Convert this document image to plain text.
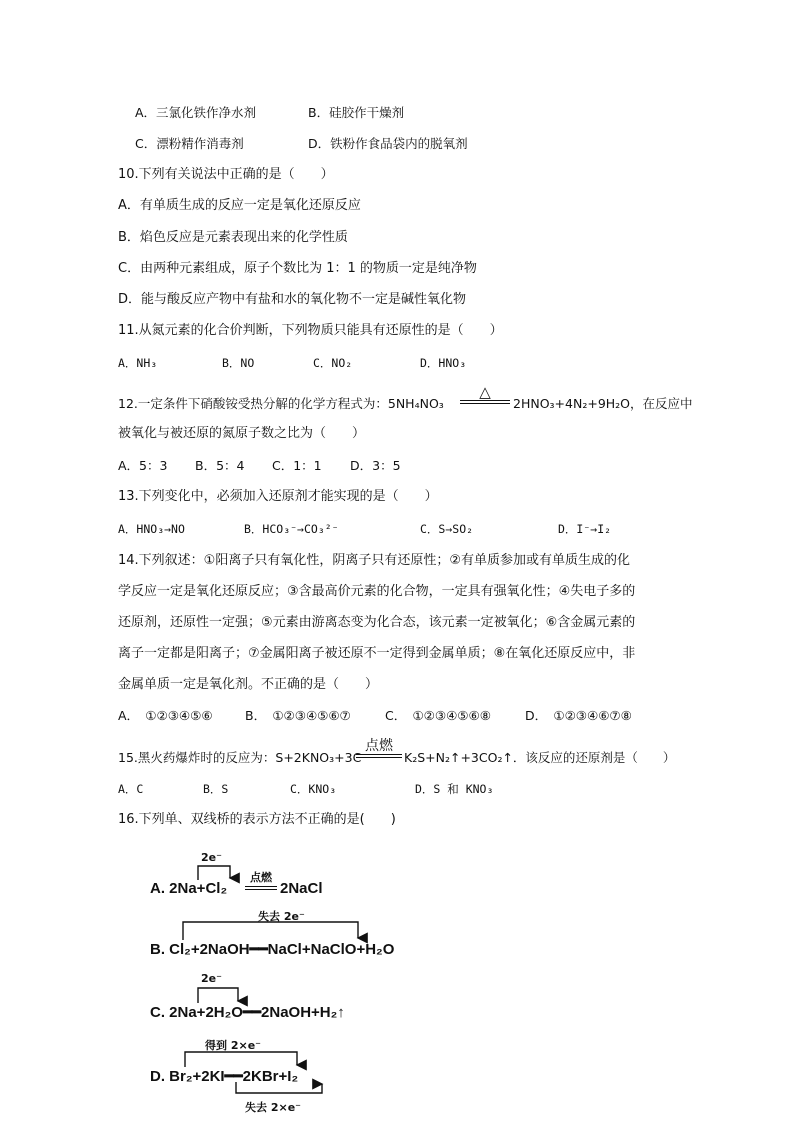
A．三氯化铁作净水剂	B．硅胶作干燥剂
C．漂粉精作消毒剂	D．铁粉作食品袋内的脱氧剂
10.下列有关说法中正确的是（　　）
A．有单质生成的反应一定是氧化还原反应
B．焰色反应是元素表现出来的化学性质
C．由两种元素组成，原子个数比为 1：1 的物质一定是纯净物
D．能与酸反应产物中有盐和水的氧化物不一定是碱性氧化物
11.从氮元素的化合价判断，下列物质只能具有还原性的是（　　）
A．NH₃	B．NO	C．NO₂	D．HNO₃
12.一定条件下硝酸铵受热分解的化学方程式为：5NH₄NO₃
△
2HNO₃+4N₂+9H₂O，在反应中
被氧化与被还原的氮原子数之比为（　　）
A．5：3 B．5：4 C．1：1 D．3：5
13.下列变化中，必须加入还原剂才能实现的是（　　）
A．HNO₃→NO	B．HCO₃⁻→CO₃²⁻	C．S→SO₂	D．I⁻→I₂
14.下列叙述：①阳离子只有氧化性，阴离子只有还原性；②有单质参加或有单质生成的化
学反应一定是氧化还原反应；③含最高价元素的化合物，一定具有强氧化性；④失电子多的
还原剂，还原性一定强；⑤元素由游离态变为化合态，该元素一定被氧化；⑥含金属元素的
离子一定都是阳离子；⑦金属阳离子被还原不一定得到金属单质；⑧在氧化还原反应中，非
金属单质一定是氧化剂。不正确的是（　　）
A．　①②③④⑤⑥	B．　①②③④⑤⑥⑦	C．　①②③④⑤⑥⑧	D．　①②③④⑥⑦⑧
15.黑火药爆炸时的反应为：S+2KNO₃+3C
点燃
K₂S+N₂↑+3CO₂↑．该反应的还原剂是（　　）
A．C	B．S	C．KNO₃	D．S 和 KNO₃
16.下列单、双线桥的表示方法不正确的是(　　)
2e⁻
A. 2Na+Cl₂
点燃
2NaCl
失去 2e⁻
B. Cl₂+2NaOH━━NaCl+NaClO+H₂O
2e⁻
C. 2Na+2H₂O━━2NaOH+H₂↑
得到 2×e⁻
D. Br₂+2KI━━2KBr+I₂
失去 2×e⁻
